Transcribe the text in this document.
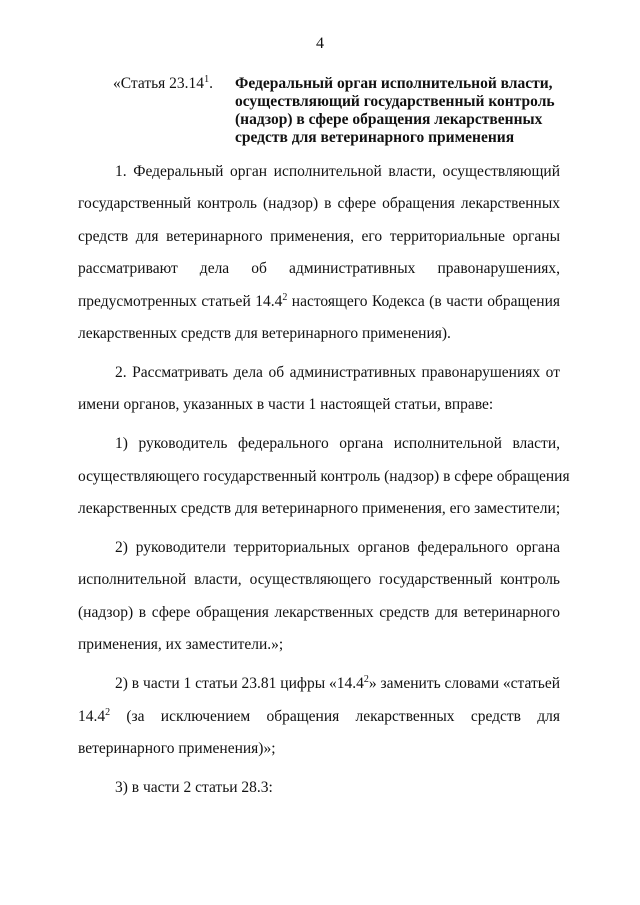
4
«Статья 23.14$^1$. Федеральный орган исполнительной власти,
осуществляющий государственный контроль
(надзор) в сфере обращения лекарственных
средств для ветеринарного применения
1. Федеральный орган исполнительной власти, осуществляющий
государственный контроль (надзор) в сфере обращения лекарственных
средств для ветеринарного применения, его территориальные органы
рассматривают дела об административных правонарушениях,
предусмотренных статьей 14.4$^2$ настоящего Кодекса (в части обращения
лекарственных средств для ветеринарного применения).
2. Рассматривать дела об административных правонарушениях от
имени органов, указанных в части 1 настоящей статьи, вправе:
1) руководитель федерального органа исполнительной власти,
осуществляющего государственный контроль (надзор) в сфере обращения
лекарственных средств для ветеринарного применения, его заместители;
2) руководители территориальных органов федерального органа
исполнительной власти, осуществляющего государственный контроль
(надзор) в сфере обращения лекарственных средств для ветеринарного
применения, их заместители.»;
2) в части 1 статьи 23.81 цифры «14.4$^2$» заменить словами «статьей
14.4$^2$ (за исключением обращения лекарственных средств для
ветеринарного применения)»;
3) в части 2 статьи 28.3:
